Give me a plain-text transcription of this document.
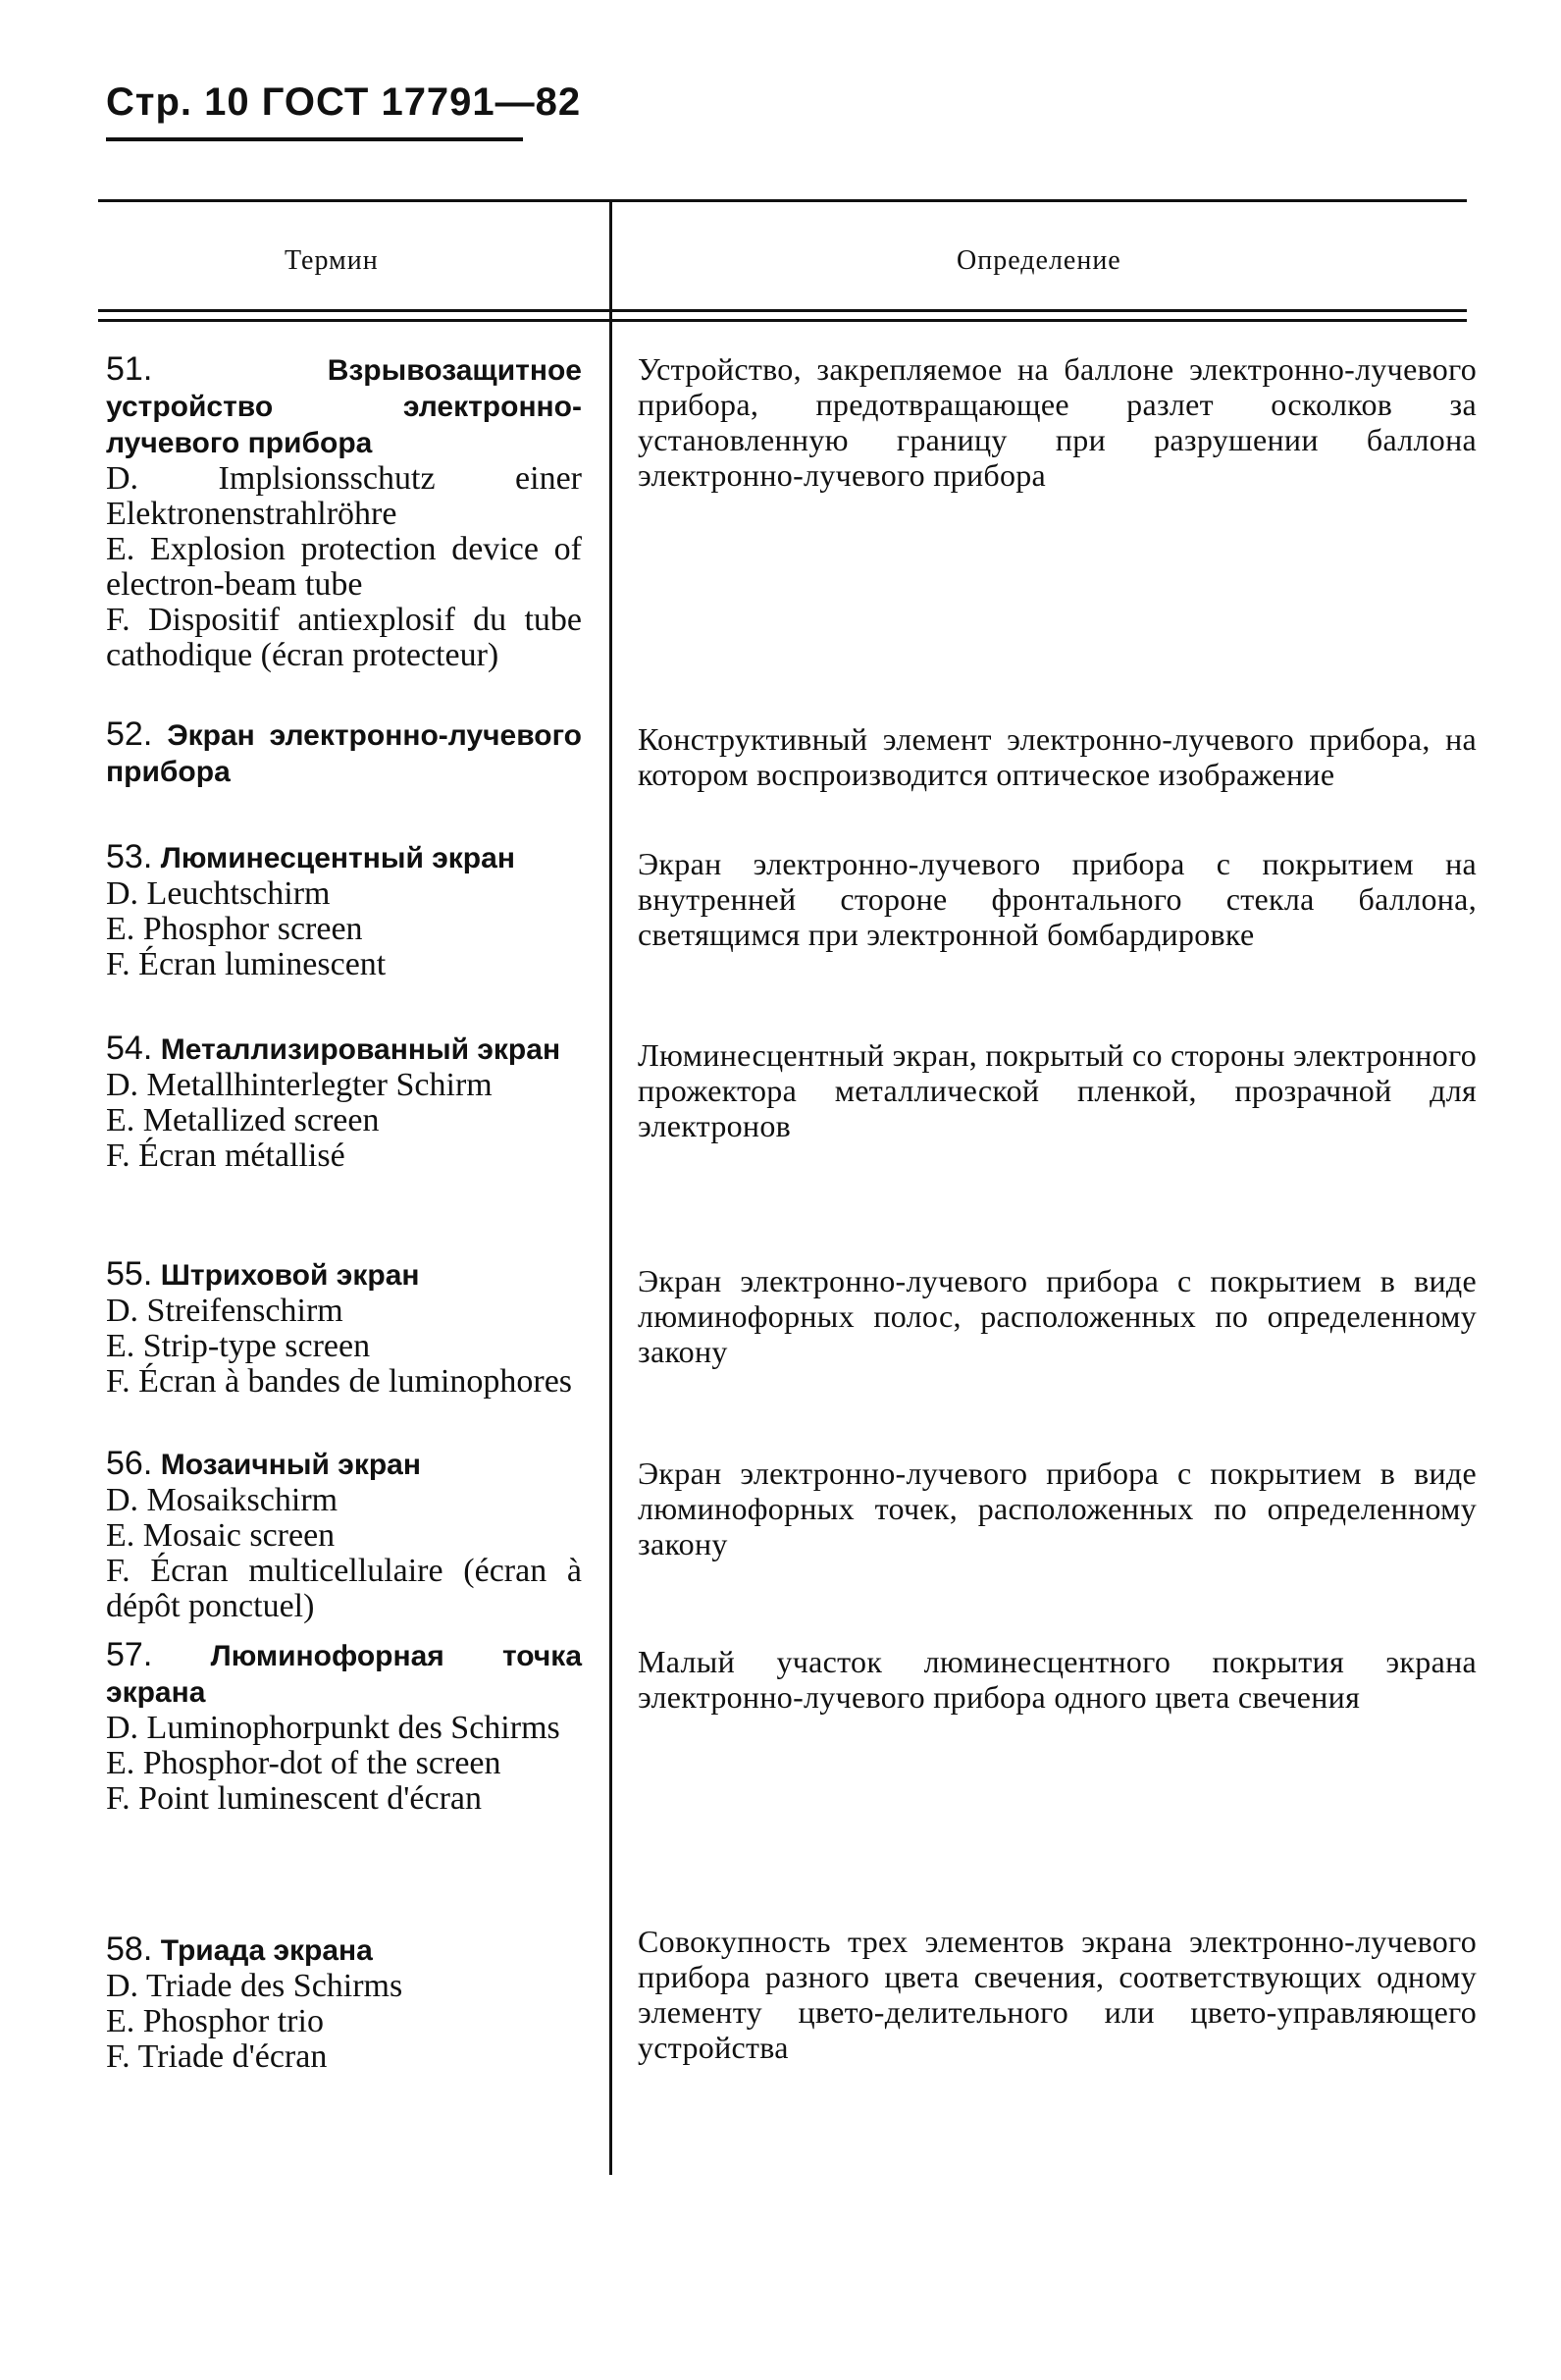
Стр. 10 ГОСТ 17791—82
Термин	Определение
51.	Взрывозащитное устройство электронно-лучевого прибора
D. Implsionsschutz einer Elektronenstrahlröhre
E. Explosion protection device of electron-beam tube
F. Dispositif antiexplosif du tube cathodique (écran protecteur)
Устройство, закрепляемое на баллоне электронно-лучевого прибора, предотвращающее разлет осколков за установленную границу при разрушении баллона электронно-лучевого прибора
52. Экран электронно-лучевого прибора
Конструктивный элемент электронно-лучевого прибора, на котором воспроизводится оптическое изображение
53. Люминесцентный экран
D. Leuchtschirm
E. Phosphor screen
F. Écran luminescent
Экран электронно-лучевого прибора с покрытием на внутренней стороне фронтального стекла баллона, светящимся при электронной бомбардировке
54. Металлизированный экран
D. Metallhinterlegter Schirm
E. Metallized screen
F. Écran métallisé
Люминесцентный экран, покрытый со стороны электронного прожектора металлической пленкой, прозрачной для электронов
55. Штриховой экран
D. Streifenschirm
E. Strip-type screen
F. Écran à bandes de luminophores
Экран электронно-лучевого прибора с покрытием в виде люминофорных полос, расположенных по определенному закону
56. Мозаичный экран
D. Mosaikschirm
E. Mosaic screen
F. Écran multicellulaire (écran à dépôt ponctuel)
Экран электронно-лучевого прибора с покрытием в виде люминофорных точек, расположенных по определенному закону
57. Люминофорная точка экрана
D. Luminophorpunkt des Schirms
E. Phosphor-dot of the screen
F. Point luminescent d'écran
Малый участок люминесцентного покрытия экрана электронно-лучевого прибора одного цвета свечения
58. Триада экрана
D. Triade des Schirms
E. Phosphor trio
F. Triade d'écran
Совокупность трех элементов экрана электронно-лучевого прибора разного цвета свечения, соответствующих одному элементу цвето-делительного или цвето-управляющего устройства
